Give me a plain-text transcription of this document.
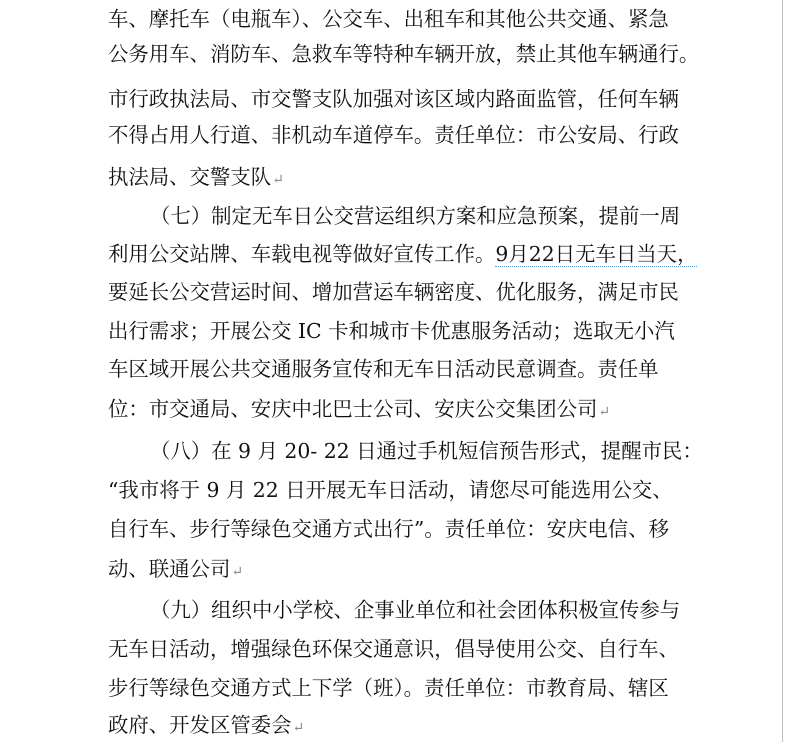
车、摩托车（电瓶车）、公交车、出租车和其他公共交通、紧急
公务用车、消防车、急救车等特种车辆开放，禁止其他车辆通行。
市行政执法局、市交警支队加强对该区域内路面监管，任何车辆
不得占用人行道、非机动车道停车。责任单位：市公安局、行政
执法局、交警支队↵
（七）制定无车日公交营运组织方案和应急预案，提前一周
利用公交站牌、车载电视等做好宣传工作。9月22日无车日当天，
要延长公交营运时间、增加营运车辆密度、优化服务，满足市民
出行需求；开展公交 IC 卡和城市卡优惠服务活动；选取无小汽
车区域开展公共交通服务宣传和无车日活动民意调查。责任单
位：市交通局、安庆中北巴士公司、安庆公交集团公司↵
（八）在 9 月 20- 22 日通过手机短信预告形式，提醒市民：
“我市将于 9 月 22 日开展无车日活动，请您尽可能选用公交、
自行车、步行等绿色交通方式出行”。责任单位：安庆电信、移
动、联通公司↵
（九）组织中小学校、企事业单位和社会团体积极宣传参与
无车日活动，增强绿色环保交通意识，倡导使用公交、自行车、
步行等绿色交通方式上下学（班）。责任单位：市教育局、辖区
政府、开发区管委会↵
